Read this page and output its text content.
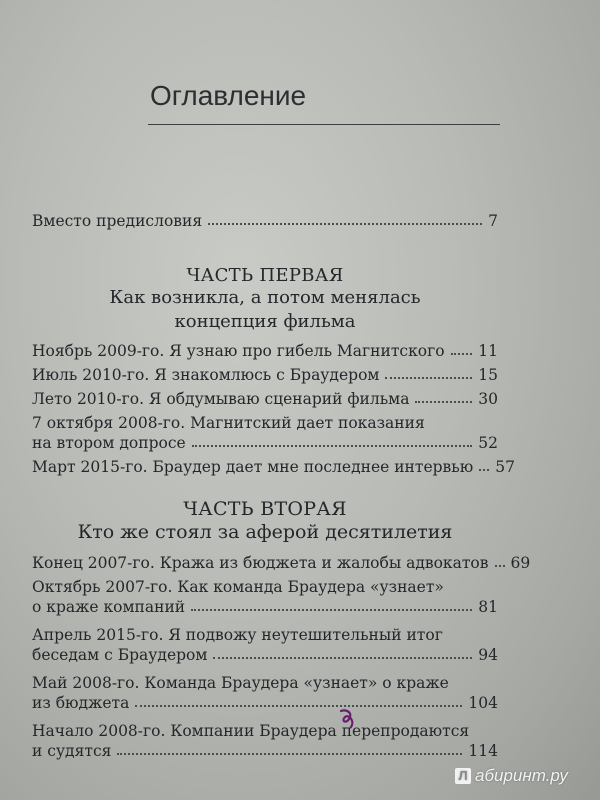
Оглавление
Вместо предисловия	7
ЧАСТЬ ПЕРВАЯ
Как возникла, а потом менялась
концепция фильма
Ноябрь 2009-го. Я узнаю про гибель Магнитского 11
Июль 2010-го. Я знакомлюсь с Браудером	15
Лето 2010-го. Я обдумываю сценарий фильма	30
7 октября 2008-го. Магнитский дает показания
на втором допросе	52
Март 2015-го. Браудер дает мне последнее интервью 57
ЧАСТЬ ВТОРАЯ
Кто же стоял за аферой десятилетия
Конец 2007-го. Кража из бюджета и жалобы адвокатов 69
Октябрь 2007-го. Как команда Браудера «узнает»
о краже компаний	81
Апрель 2015-го. Я подвожу неутешительный итог
беседам с Браудером	94
Май 2008-го. Команда Браудера «узнает» о краже
из бюджета	104
Начало 2008-го. Компании Браудера перепродаются
и судятся	114
Л абиринт.ру
